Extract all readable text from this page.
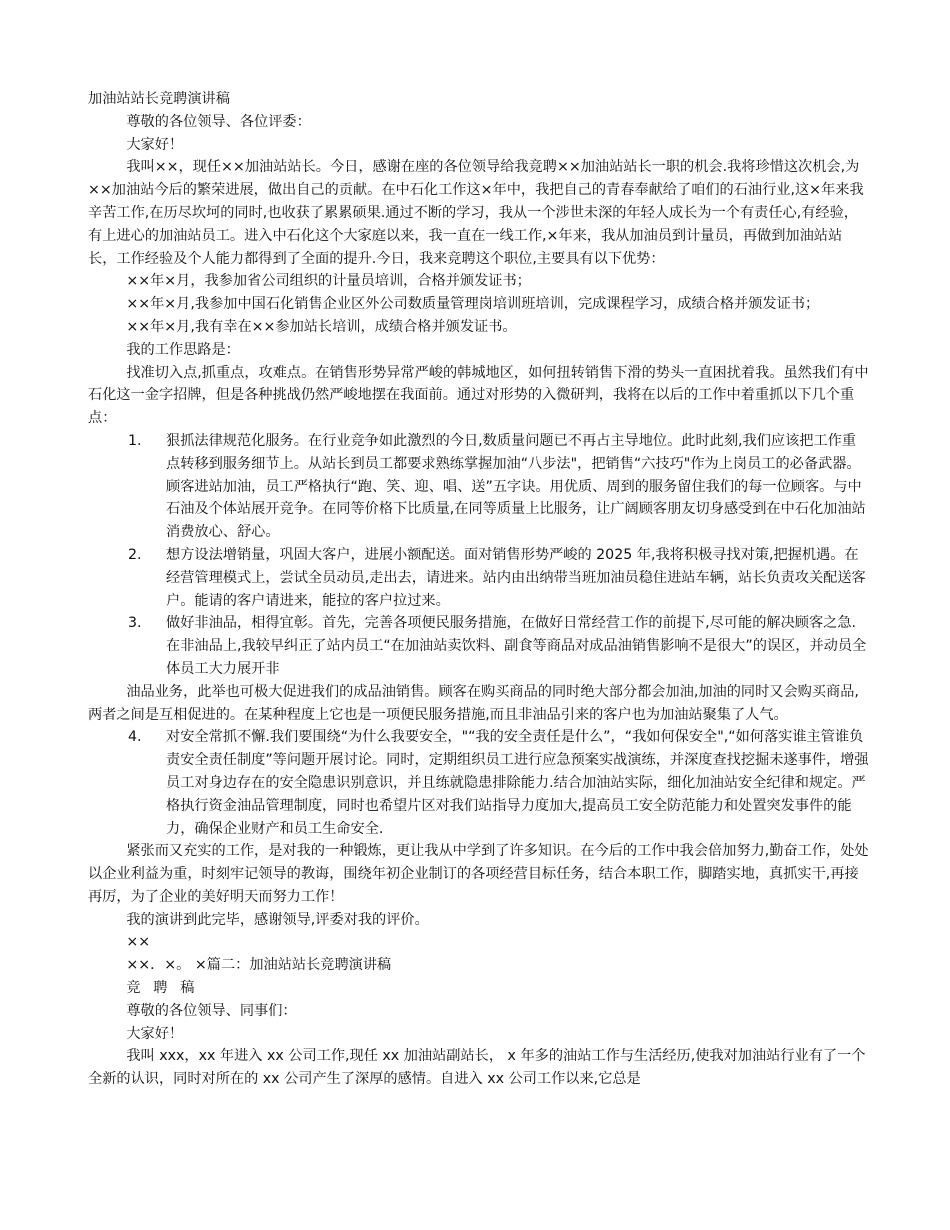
加油站站长竞聘演讲稿

尊敬的各位领导、各位评委：

大家好！

我叫××，现任××加油站站长。今日，感谢在座的各位领导给我竞聘××加油站站长一职的机会.我将珍惜这次机会,为××加油站今后的繁荣进展，做出自己的贡献。在中石化工作这×年中，我把自己的青春奉献给了咱们的石油行业,这×年来我辛苦工作,在历尽坎坷的同时,也收获了累累硕果.通过不断的学习，我从一个涉世未深的年轻人成长为一个有责任心,有经验，有上进心的加油站员工。进入中石化这个大家庭以来，我一直在一线工作,×年来，我从加油员到计量员，再做到加油站站长，工作经验及个人能力都得到了全面的提升.今日，我来竞聘这个职位,主要具有以下优势：

××年×月，我参加省公司组织的计量员培训，合格并颁发证书；

××年×月,我参加中国石化销售企业区外公司数质量管理岗培训班培训，完成课程学习，成绩合格并颁发证书；

××年×月,我有幸在××参加站长培训，成绩合格并颁发证书。

我的工作思路是：

找准切入点,抓重点，攻难点。在销售形势异常严峻的韩城地区，如何扭转销售下滑的势头一直困扰着我。虽然我们有中石化这一金字招牌，但是各种挑战仍然严峻地摆在我面前。通过对形势的入微研判，我将在以后的工作中着重抓以下几个重点：

1. 狠抓法律规范化服务。在行业竞争如此激烈的今日,数质量问题已不再占主导地位。此时此刻,我们应该把工作重点转移到服务细节上。从站长到员工都要求熟练掌握加油“八步法"，把销售“六技巧"作为上岗员工的必备武器。顾客进站加油，员工严格执行“跑、笑、迎、唱、送”五字诀。用优质、周到的服务留住我们的每一位顾客。与中石油及个体站展开竞争。在同等价格下比质量,在同等质量上比服务，让广阔顾客朋友切身感受到在中石化加油站消费放心、舒心。

2. 想方设法增销量，巩固大客户，进展小额配送。面对销售形势严峻的 2025 年,我将积极寻找对策,把握机遇。在经营管理模式上，尝试全员动员,走出去，请进来。站内由出纳带当班加油员稳住进站车辆，站长负责攻关配送客户。能请的客户请进来，能拉的客户拉过来。

3. 做好非油品，相得宜彰。首先，完善各项便民服务措施，在做好日常经营工作的前提下,尽可能的解决顾客之急.在非油品上,我较早纠正了站内员工“在加油站卖饮料、副食等商品对成品油销售影响不是很大”的误区，并动员全体员工大力展开非

油品业务，此举也可极大促进我们的成品油销售。顾客在购买商品的同时绝大部分都会加油,加油的同时又会购买商品,两者之间是互相促进的。在某种程度上它也是一项便民服务措施,而且非油品引来的客户也为加油站聚集了人气。

4. 对安全常抓不懈.我们要围绕“为什么我要安全，"“我的安全责任是什么”，“我如何保安全",“如何落实谁主管谁负责安全责任制度”等问题开展讨论。同时，定期组织员工进行应急预案实战演练，并深度查找挖掘未遂事件，增强员工对身边存在的安全隐患识别意识，并且练就隐患排除能力.结合加油站实际，细化加油站安全纪律和规定。严格执行资金油品管理制度，同时也希望片区对我们站指导力度加大,提高员工安全防范能力和处置突发事件的能力，确保企业财产和员工生命安全.

紧张而又充实的工作，是对我的一种锻炼，更让我从中学到了许多知识。在今后的工作中我会倍加努力,勤奋工作，处处以企业利益为重，时刻牢记领导的教诲，围绕年初企业制订的各项经营目标任务，结合本职工作，脚踏实地，真抓实干,再接再厉，为了企业的美好明天而努力工作！

我的演讲到此完毕，感谢领导,评委对我的评价。

××

××．×。 ×篇二：加油站站长竞聘演讲稿

竞聘稿

尊敬的各位领导、同事们：

大家好！

我叫 xxx，xx 年进入 xx 公司工作,现任 xx 加油站副站长， x 年多的油站工作与生活经历,使我对加油站行业有了一个全新的认识，同时对所在的 xx 公司产生了深厚的感情。自进入 xx 公司工作以来,它总是
